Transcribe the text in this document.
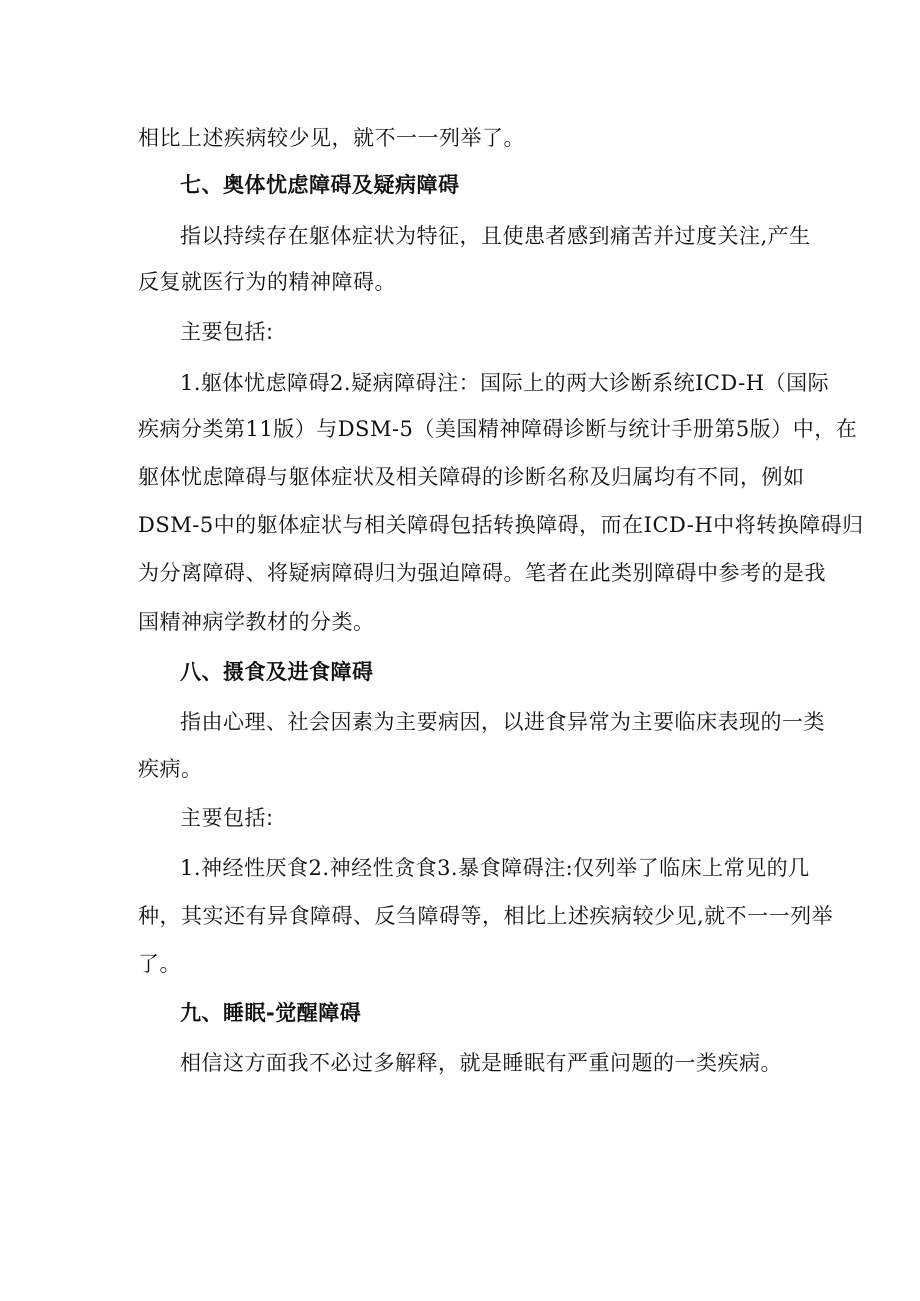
相比上述疾病较少见，就不一一列举了。
七、奥体忧虑障碍及疑病障碍
指以持续存在躯体症状为特征，且使患者感到痛苦并过度关注,产生
反复就医行为的精神障碍。
主要包括:
1.躯体忧虑障碍2.疑病障碍注：国际上的两大诊断系统ICD-H（国际
疾病分类第11版）与DSM-5（美国精神障碍诊断与统计手册第5版）中，在
躯体忧虑障碍与躯体症状及相关障碍的诊断名称及归属均有不同，例如
DSM-5中的躯体症状与相关障碍包括转换障碍，而在ICD-H中将转换障碍归
为分离障碍、将疑病障碍归为强迫障碍。笔者在此类别障碍中参考的是我
国精神病学教材的分类。
八、摄食及进食障碍
指由心理、社会因素为主要病因，以进食异常为主要临床表现的一类
疾病。
主要包括:
1.神经性厌食2.神经性贪食3.暴食障碍注:仅列举了临床上常见的几
种，其实还有异食障碍、反刍障碍等，相比上述疾病较少见,就不一一列举
了。
九、睡眠-觉醒障碍
相信这方面我不必过多解释，就是睡眠有严重问题的一类疾病。
